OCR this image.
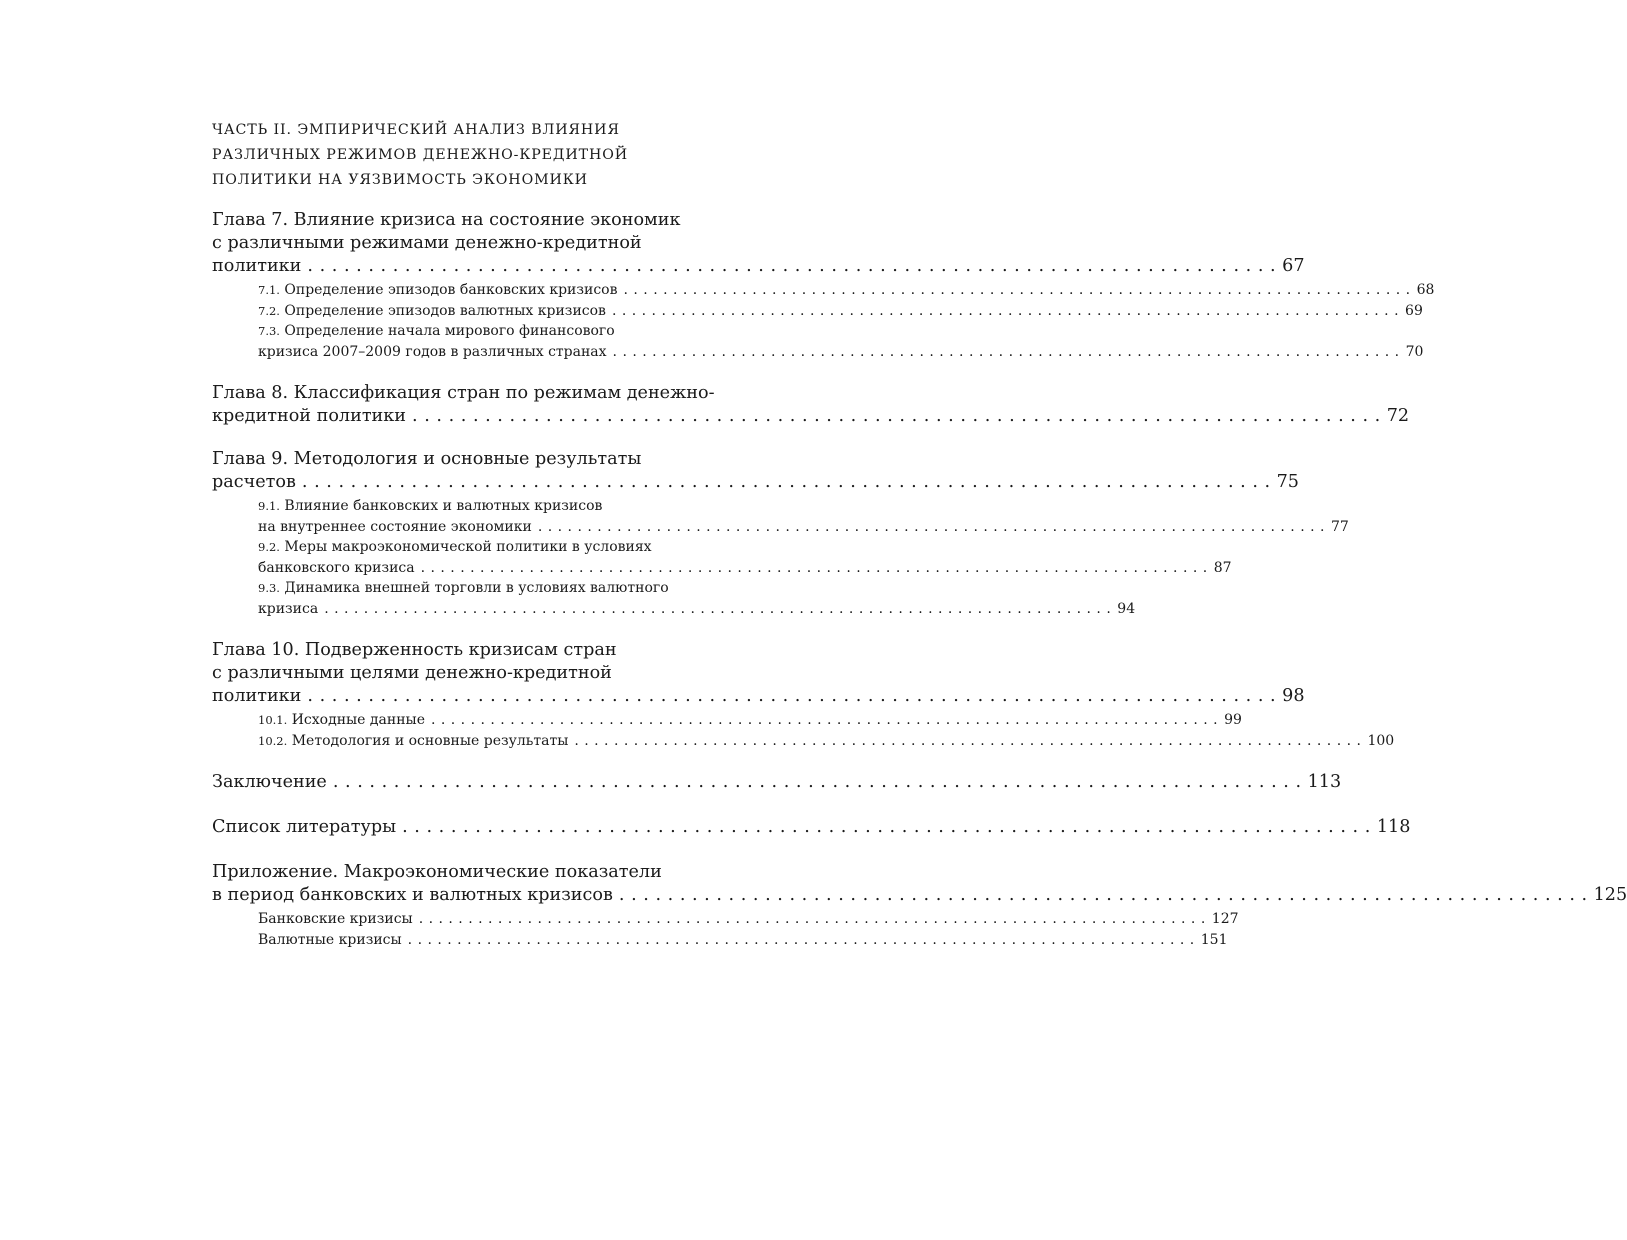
ЧАСТЬ II. ЭМПИРИЧЕСКИЙ АНАЛИЗ ВЛИЯНИЯ
РАЗЛИЧНЫХ РЕЖИМОВ ДЕНЕЖНО-КРЕДИТНОЙ
ПОЛИТИКИ НА УЯЗВИМОСТЬ ЭКОНОМИКИ
Глава 7. Влияние кризиса на состояние экономик
с различными режимами денежно-кредитной
политики . . . . . . . . . . . . . . . . . . . . . . . . . . . . . . . . . . . . . . . . . . . . . . . . . . . . . . . . . . . . . . . . . . . . . . . . . . . . . . . . 67
7.1. Определение эпизодов банковских кризисов . . . . . . . . . . . . . . . . . . . . . . . . . . . . . . . . . . . . . . . . . . . . . . . . . . . . . . . . . . . . . . . . . . . . . . . . . . . . . . . . 68
7.2. Определение эпизодов валютных кризисов . . . . . . . . . . . . . . . . . . . . . . . . . . . . . . . . . . . . . . . . . . . . . . . . . . . . . . . . . . . . . . . . . . . . . . . . . . . . . . . . 69
7.3. Определение начала мирового финансового
кризиса 2007–2009 годов в различных странах . . . . . . . . . . . . . . . . . . . . . . . . . . . . . . . . . . . . . . . . . . . . . . . . . . . . . . . . . . . . . . . . . . . . . . . . . . . . . . . . 70
Глава 8. Классификация стран по режимам денежно-
кредитной политики . . . . . . . . . . . . . . . . . . . . . . . . . . . . . . . . . . . . . . . . . . . . . . . . . . . . . . . . . . . . . . . . . . . . . . . . . . . . . . . . 72
Глава 9. Методология и основные результаты
расчетов . . . . . . . . . . . . . . . . . . . . . . . . . . . . . . . . . . . . . . . . . . . . . . . . . . . . . . . . . . . . . . . . . . . . . . . . . . . . . . . . 75
9.1. Влияние банковских и валютных кризисов
на внутреннее состояние экономики . . . . . . . . . . . . . . . . . . . . . . . . . . . . . . . . . . . . . . . . . . . . . . . . . . . . . . . . . . . . . . . . . . . . . . . . . . . . . . . . 77
9.2. Меры макроэкономической политики в условиях
банковского кризиса . . . . . . . . . . . . . . . . . . . . . . . . . . . . . . . . . . . . . . . . . . . . . . . . . . . . . . . . . . . . . . . . . . . . . . . . . . . . . . . . 87
9.3. Динамика внешней торговли в условиях валютного
кризиса . . . . . . . . . . . . . . . . . . . . . . . . . . . . . . . . . . . . . . . . . . . . . . . . . . . . . . . . . . . . . . . . . . . . . . . . . . . . . . . . 94
Глава 10. Подверженность кризисам стран
с различными целями денежно-кредитной
политики . . . . . . . . . . . . . . . . . . . . . . . . . . . . . . . . . . . . . . . . . . . . . . . . . . . . . . . . . . . . . . . . . . . . . . . . . . . . . . . . 98
10.1. Исходные данные . . . . . . . . . . . . . . . . . . . . . . . . . . . . . . . . . . . . . . . . . . . . . . . . . . . . . . . . . . . . . . . . . . . . . . . . . . . . . . . . 99
10.2. Методология и основные результаты . . . . . . . . . . . . . . . . . . . . . . . . . . . . . . . . . . . . . . . . . . . . . . . . . . . . . . . . . . . . . . . . . . . . . . . . . . . . . . . . 100
Заключение . . . . . . . . . . . . . . . . . . . . . . . . . . . . . . . . . . . . . . . . . . . . . . . . . . . . . . . . . . . . . . . . . . . . . . . . . . . . . . . . 113
Список литературы . . . . . . . . . . . . . . . . . . . . . . . . . . . . . . . . . . . . . . . . . . . . . . . . . . . . . . . . . . . . . . . . . . . . . . . . . . . . . . . . 118
Приложение. Макроэкономические показатели
в период банковских и валютных кризисов . . . . . . . . . . . . . . . . . . . . . . . . . . . . . . . . . . . . . . . . . . . . . . . . . . . . . . . . . . . . . . . . . . . . . . . . . . . . . . . . 125
Банковские кризисы . . . . . . . . . . . . . . . . . . . . . . . . . . . . . . . . . . . . . . . . . . . . . . . . . . . . . . . . . . . . . . . . . . . . . . . . . . . . . . . . 127
Валютные кризисы . . . . . . . . . . . . . . . . . . . . . . . . . . . . . . . . . . . . . . . . . . . . . . . . . . . . . . . . . . . . . . . . . . . . . . . . . . . . . . . . 151
